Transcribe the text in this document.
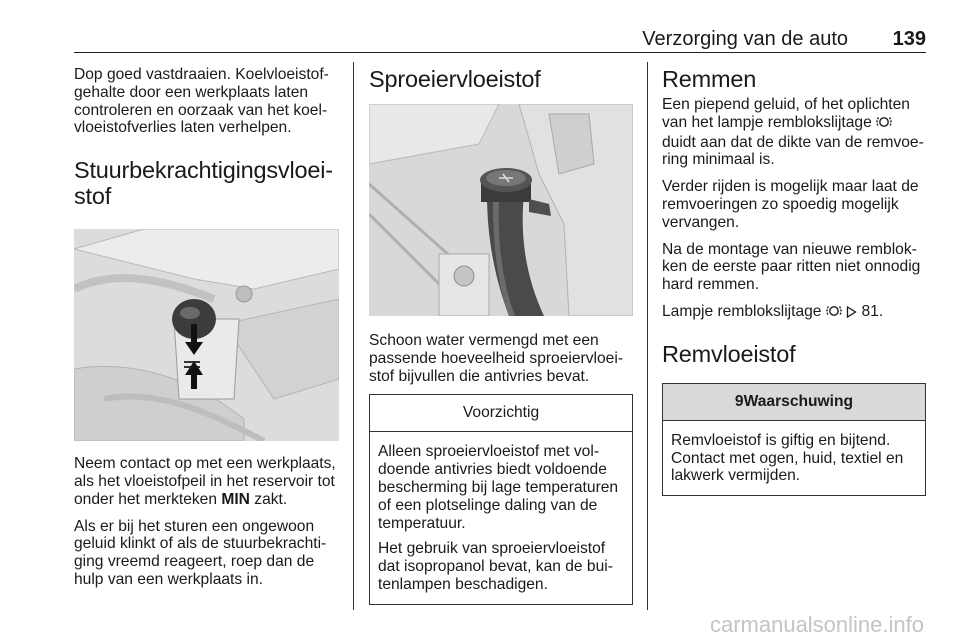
Verzorging van de auto 139

Dop goed vastdraaien. Koelvloeistofgehalte door een werkplaats laten controleren en oorzaak van het koelvloeistofverlies laten verhelpen.

Stuurbekrachtigingsvloeistof

Neem contact op met een werkplaats, als het vloeistofpeil in het reservoir tot onder het merkteken MIN zakt.

Als er bij het sturen een ongewoon geluid klinkt of als de stuurbekrachtiging vreemd reageert, roep dan de hulp van een werkplaats in.

Sproeiervloeistof

Schoon water vermengd met een passende hoeveelheid sproeiervloeistof bijvullen die antivries bevat.

Voorzichtig

Alleen sproeiervloeistof met voldoende antivries biedt voldoende bescherming bij lage temperaturen of een plotselinge daling van de temperatuur.

Het gebruik van sproeiervloeistof dat isopropanol bevat, kan de buitenlampen beschadigen.

Remmen

Een piepend geluid, of het oplichten van het lampje remblokslijtage  duidt aan dat de dikte van de remvoering minimaal is.

Verder rijden is mogelijk maar laat de remvoeringen zo spoedig mogelijk vervangen.

Na de montage van nieuwe remblokken de eerste paar ritten niet onnodig hard remmen.

Lampje remblokslijtage   81.

Remvloeistof
9Waarschuwing

Remvloeistof is giftig en bijtend. Contact met ogen, huid, textiel en lakwerk vermijden.

carmanualsonline.info
